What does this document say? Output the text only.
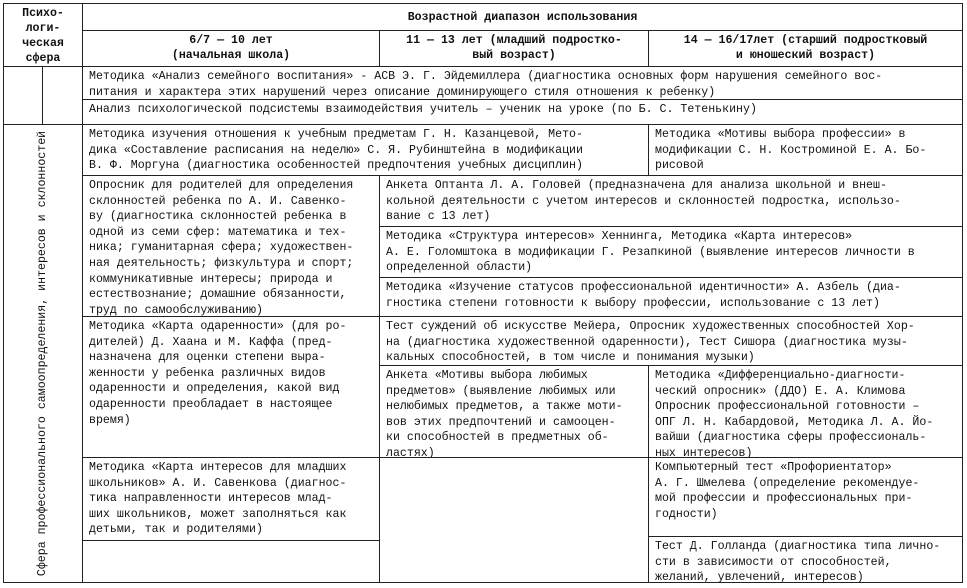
Психо-
логи-
ческая
сфера
Возрастной диапазон использования
6/7 — 10 лет
(начальная школа)
11 — 13 лет (младший подростко-
вый возраст)
14 — 16/17лет (старший подростковый
и юношеский возраст)
Методика «Анализ семейного воспитания» - АСВ Э. Г. Эйдемиллера (диагностика основных форм нарушения семейного вос-
питания и характера этих нарушений через описание доминирующего стиля отношения к ребенку)
Анализ психологической подсистемы взаимодействия учитель – ученик на уроке (по Б. С. Тетенькину)
Сфера профессионального самоопределения, интересов и склонностей	Методика изучения отношения к учебным предметам Г. Н. Казанцевой, Мето-
дика «Составление расписания на неделю» С. Я. Рубинштейна в модификации
В. Ф. Моргуна (диагностика особенностей предпочтения учебных дисциплин)
Методика «Мотивы выбора профессии» в
модификации С. Н. Костроминой Е. А. Бо-
рисовой
Опросник для родителей для определения
склонностей ребенка по А. И. Савенко-
ву (диагностика склонностей ребенка в
одной из семи сфер: математика и тех-
ника; гуманитарная сфера; художествен-
ная деятельность; физкультура и спорт;
коммуникативные интересы; природа и
естествознание; домашние обязанности,
труд по самообслуживанию)
Анкета Оптанта Л. А. Головей (предназначена для анализа школьной и внеш-
кольной деятельности с учетом интересов и склонностей подростка, использо-
вание с 13 лет)
Методика «Структура интересов» Хеннинга, Методика «Карта интересов»
А. Е. Голомштока в модификации Г. Резапкиной (выявление интересов личности в
определенной области)
Методика «Изучение статусов профессиональной идентичности» А. Азбель (диа-
гностика степени готовности к выбору профессии, использование с 13 лет)
Методика «Карта одаренности» (для ро-
дителей) Д. Хаана и М. Каффа (пред-
назначена для оценки степени выра-
женности у ребенка различных видов
одаренности и определения, какой вид
одаренности преобладает в настоящее
время)
Тест суждений об искусстве Мейера, Опросник художественных способностей Хор-
на (диагностика художественной одаренности), Тест Сишора (диагностика музы-
кальных способностей, в том числе и понимания музыки)
Анкета «Мотивы выбора любимых
предметов» (выявление любимых или
нелюбимых предметов, а также моти-
вов этих предпочтений и самооцен-
ки способностей в предметных об-
ластях)
Методика «Дифференциально-диагности-
ческий опросник» (ДДО) Е. А. Климова
Опросник профессиональной готовности –
ОПГ Л. Н. Кабардовой, Методика Л. А. Йо-
вайши (диагностика сферы профессиональ-
ных интересов)
Методика «Карта интересов для младших
школьников» А. И. Савенкова (диагнос-
тика направленности интересов млад-
ших школьников, может заполняться как
детьми, так и родителями)
Компьютерный тест «Профориентатор»
А. Г. Шмелева (определение рекомендуе-
мой профессии и профессиональных при-
годности)
Тест Д. Голланда (диагностика типа лично-
сти в зависимости от способностей,
желаний, увлечений, интересов)
